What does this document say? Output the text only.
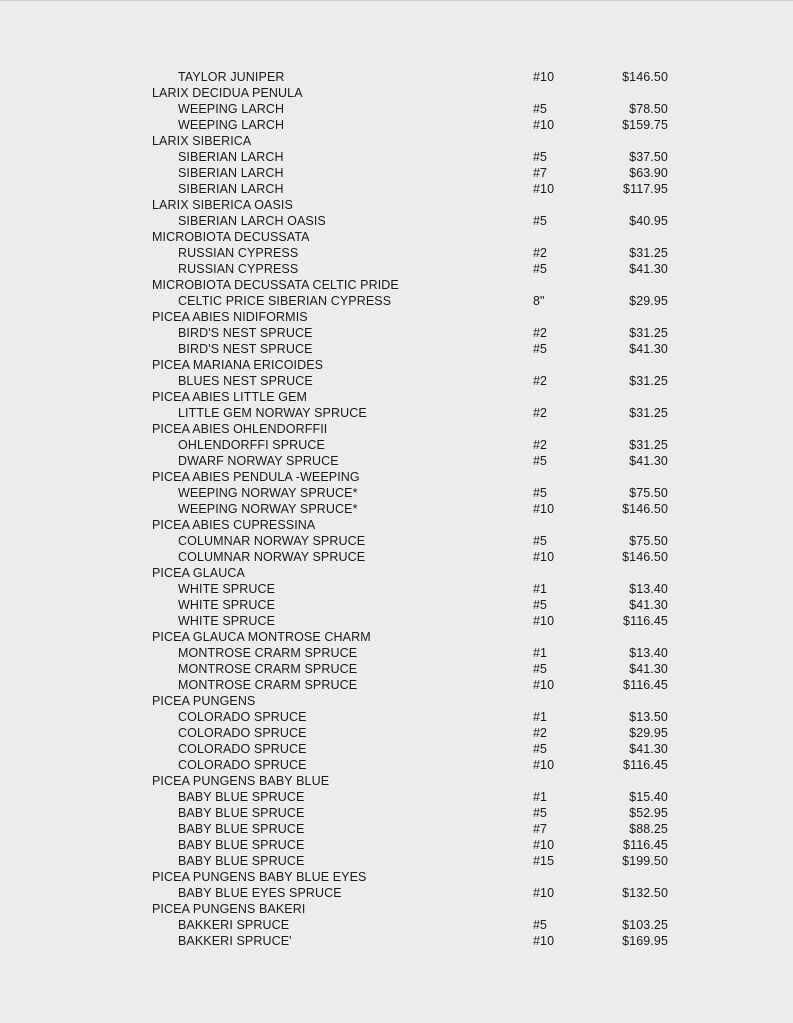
TAYLOR JUNIPER	#10	$146.50
LARIX DECIDUA PENULA
WEEPING LARCH	#5	$78.50
WEEPING LARCH	#10	$159.75
LARIX SIBERICA
SIBERIAN LARCH	#5	$37.50
SIBERIAN LARCH	#7	$63.90
SIBERIAN LARCH	#10	$117.95
LARIX SIBERICA OASIS
SIBERIAN LARCH OASIS	#5	$40.95
MICROBIOTA DECUSSATA
RUSSIAN CYPRESS	#2	$31.25
RUSSIAN CYPRESS	#5	$41.30
MICROBIOTA DECUSSATA CELTIC PRIDE
CELTIC PRICE SIBERIAN CYPRESS	8"	$29.95
PICEA ABIES NIDIFORMIS
BIRD'S NEST SPRUCE	#2	$31.25
BIRD'S NEST SPRUCE	#5	$41.30
PICEA MARIANA ERICOIDES
BLUES NEST SPRUCE	#2	$31.25
PICEA ABIES LITTLE GEM
LITTLE GEM NORWAY SPRUCE	#2	$31.25
PICEA ABIES OHLENDORFFII
OHLENDORFFI SPRUCE	#2	$31.25
DWARF NORWAY SPRUCE	#5	$41.30
PICEA ABIES PENDULA -WEEPING
WEEPING NORWAY SPRUCE*	#5	$75.50
WEEPING NORWAY SPRUCE*	#10	$146.50
PICEA ABIES CUPRESSINA
COLUMNAR NORWAY SPRUCE	#5	$75.50
COLUMNAR NORWAY SPRUCE	#10	$146.50
PICEA GLAUCA
WHITE SPRUCE	#1	$13.40
WHITE SPRUCE	#5	$41.30
WHITE SPRUCE	#10	$116.45
PICEA GLAUCA MONTROSE CHARM
MONTROSE CRARM SPRUCE	#1	$13.40
MONTROSE CRARM SPRUCE	#5	$41.30
MONTROSE CRARM SPRUCE	#10	$116.45
PICEA PUNGENS
COLORADO SPRUCE	#1	$13.50
COLORADO SPRUCE	#2	$29.95
COLORADO SPRUCE	#5	$41.30
COLORADO SPRUCE	#10	$116.45
PICEA PUNGENS BABY BLUE
BABY BLUE SPRUCE	#1	$15.40
BABY BLUE SPRUCE	#5	$52.95
BABY BLUE SPRUCE	#7	$88.25
BABY BLUE SPRUCE	#10	$116.45
BABY BLUE SPRUCE	#15	$199.50
PICEA PUNGENS BABY BLUE EYES
BABY BLUE EYES SPRUCE	#10	$132.50
PICEA PUNGENS BAKERI
BAKKERI SPRUCE	#5	$103.25
BAKKERI SPRUCE'	#10	$169.95
